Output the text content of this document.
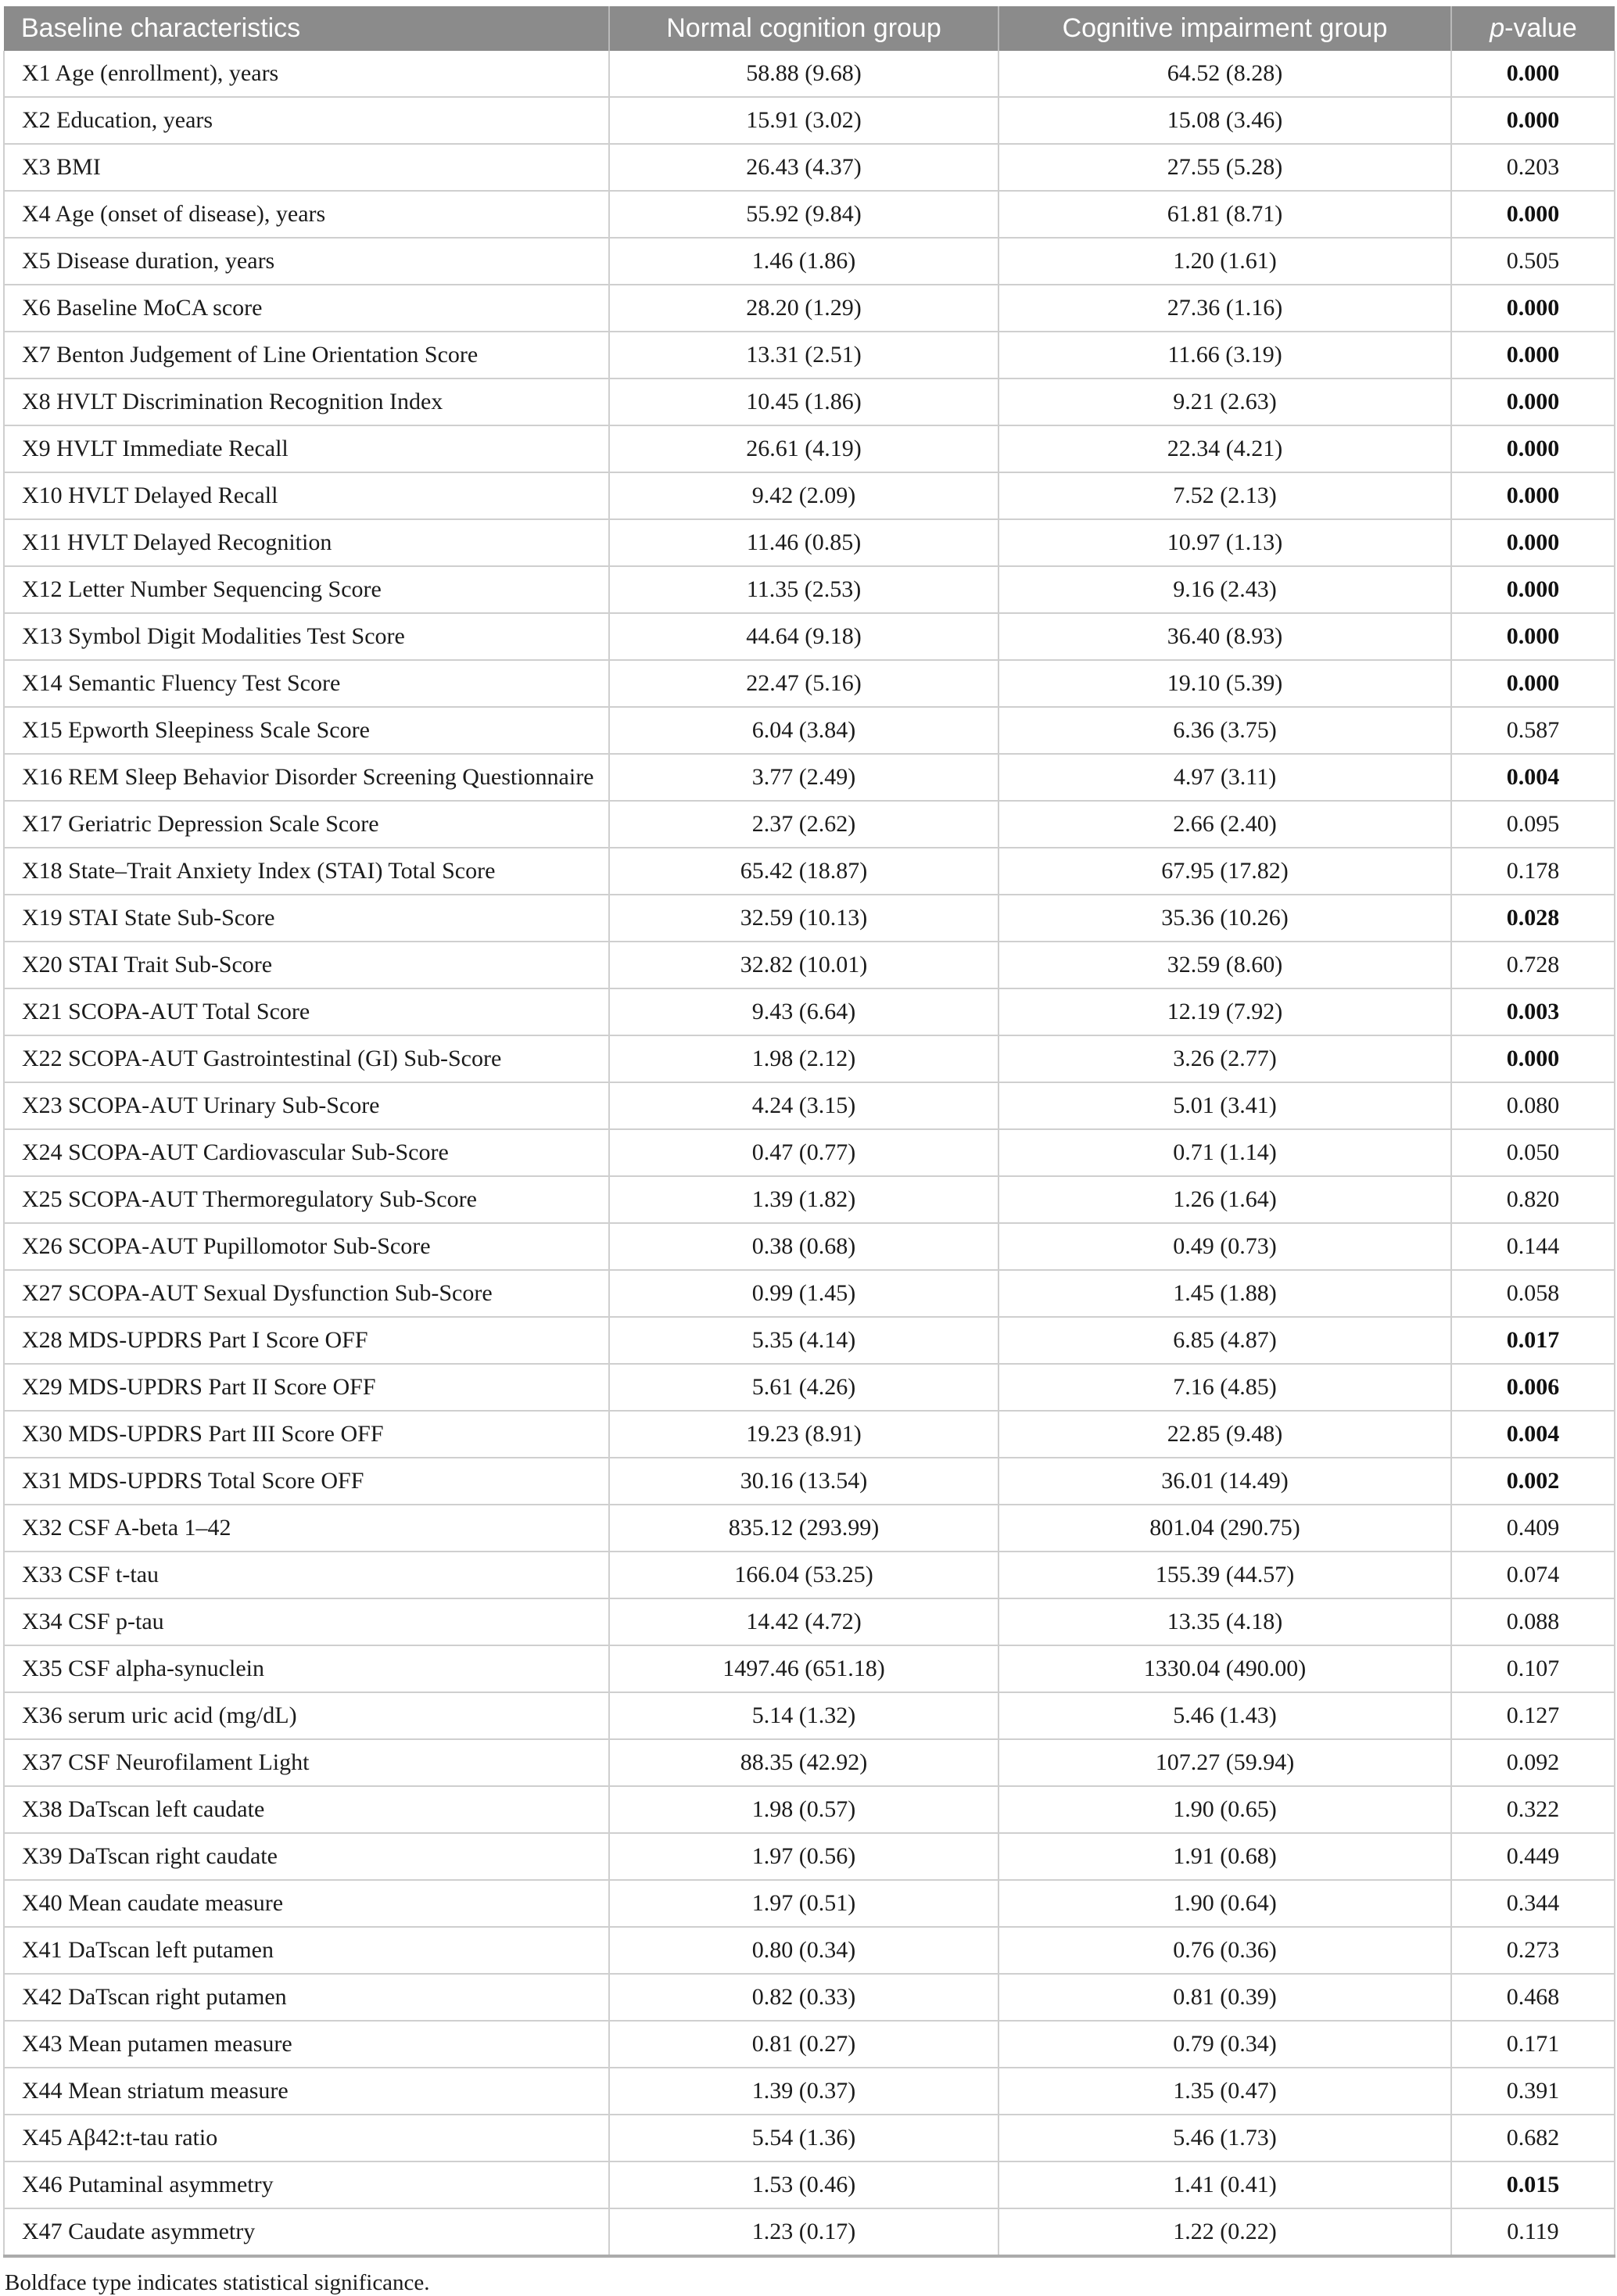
Baseline characteristics	Normal cognition group	Cognitive impairment group	p-value
X1 Age (enrollment), years	58.88 (9.68)	64.52 (8.28)	0.000
X2 Education, years	15.91 (3.02)	15.08 (3.46)	0.000
X3 BMI	26.43 (4.37)	27.55 (5.28)	0.203
X4 Age (onset of disease), years	55.92 (9.84)	61.81 (8.71)	0.000
X5 Disease duration, years	1.46 (1.86)	1.20 (1.61)	0.505
X6 Baseline MoCA score	28.20 (1.29)	27.36 (1.16)	0.000
X7 Benton Judgement of Line Orientation Score	13.31 (2.51)	11.66 (3.19)	0.000
X8 HVLT Discrimination Recognition Index	10.45 (1.86)	9.21 (2.63)	0.000
X9 HVLT Immediate Recall	26.61 (4.19)	22.34 (4.21)	0.000
X10 HVLT Delayed Recall	9.42 (2.09)	7.52 (2.13)	0.000
X11 HVLT Delayed Recognition	11.46 (0.85)	10.97 (1.13)	0.000
X12 Letter Number Sequencing Score	11.35 (2.53)	9.16 (2.43)	0.000
X13 Symbol Digit Modalities Test Score	44.64 (9.18)	36.40 (8.93)	0.000
X14 Semantic Fluency Test Score	22.47 (5.16)	19.10 (5.39)	0.000
X15 Epworth Sleepiness Scale Score	6.04 (3.84)	6.36 (3.75)	0.587
X16 REM Sleep Behavior Disorder Screening Questionnaire	3.77 (2.49)	4.97 (3.11)	0.004
X17 Geriatric Depression Scale Score	2.37 (2.62)	2.66 (2.40)	0.095
X18 State–Trait Anxiety Index (STAI) Total Score	65.42 (18.87)	67.95 (17.82)	0.178
X19 STAI State Sub-Score	32.59 (10.13)	35.36 (10.26)	0.028
X20 STAI Trait Sub-Score	32.82 (10.01)	32.59 (8.60)	0.728
X21 SCOPA-AUT Total Score	9.43 (6.64)	12.19 (7.92)	0.003
X22 SCOPA-AUT Gastrointestinal (GI) Sub-Score	1.98 (2.12)	3.26 (2.77)	0.000
X23 SCOPA-AUT Urinary Sub-Score	4.24 (3.15)	5.01 (3.41)	0.080
X24 SCOPA-AUT Cardiovascular Sub-Score	0.47 (0.77)	0.71 (1.14)	0.050
X25 SCOPA-AUT Thermoregulatory Sub-Score	1.39 (1.82)	1.26 (1.64)	0.820
X26 SCOPA-AUT Pupillomotor Sub-Score	0.38 (0.68)	0.49 (0.73)	0.144
X27 SCOPA-AUT Sexual Dysfunction Sub-Score	0.99 (1.45)	1.45 (1.88)	0.058
X28 MDS-UPDRS Part I Score OFF	5.35 (4.14)	6.85 (4.87)	0.017
X29 MDS-UPDRS Part II Score OFF	5.61 (4.26)	7.16 (4.85)	0.006
X30 MDS-UPDRS Part III Score OFF	19.23 (8.91)	22.85 (9.48)	0.004
X31 MDS-UPDRS Total Score OFF	30.16 (13.54)	36.01 (14.49)	0.002
X32 CSF A-beta 1–42	835.12 (293.99)	801.04 (290.75)	0.409
X33 CSF t-tau	166.04 (53.25)	155.39 (44.57)	0.074
X34 CSF p-tau	14.42 (4.72)	13.35 (4.18)	0.088
X35 CSF alpha-synuclein	1497.46 (651.18)	1330.04 (490.00)	0.107
X36 serum uric acid (mg/dL)	5.14 (1.32)	5.46 (1.43)	0.127
X37 CSF Neurofilament Light	88.35 (42.92)	107.27 (59.94)	0.092
X38 DaTscan left caudate	1.98 (0.57)	1.90 (0.65)	0.322
X39 DaTscan right caudate	1.97 (0.56)	1.91 (0.68)	0.449
X40 Mean caudate measure	1.97 (0.51)	1.90 (0.64)	0.344
X41 DaTscan left putamen	0.80 (0.34)	0.76 (0.36)	0.273
X42 DaTscan right putamen	0.82 (0.33)	0.81 (0.39)	0.468
X43 Mean putamen measure	0.81 (0.27)	0.79 (0.34)	0.171
X44 Mean striatum measure	1.39 (0.37)	1.35 (0.47)	0.391
X45 Aβ42:t-tau ratio	5.54 (1.36)	5.46 (1.73)	0.682
X46 Putaminal asymmetry	1.53 (0.46)	1.41 (0.41)	0.015
X47 Caudate asymmetry	1.23 (0.17)	1.22 (0.22)	0.119
Boldface type indicates statistical significance.
